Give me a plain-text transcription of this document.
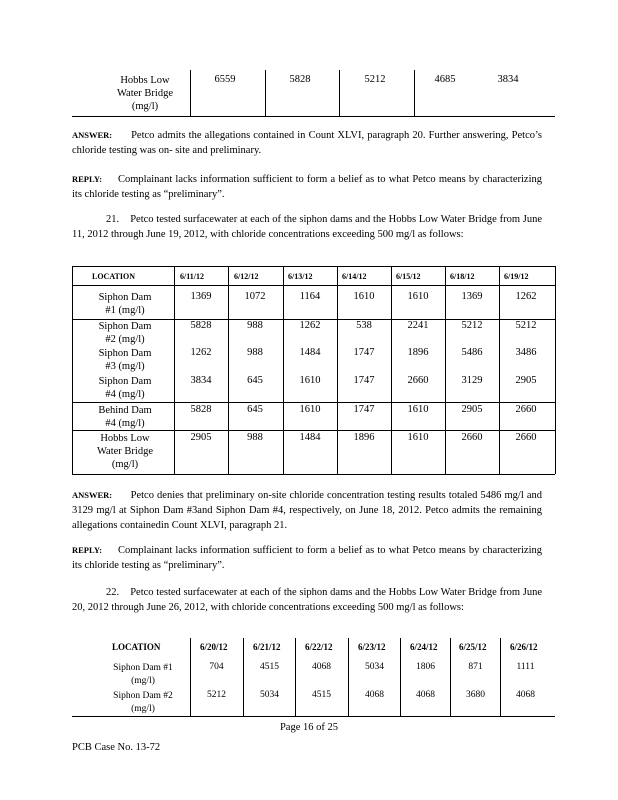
Hobbs Low
Water Bridge
(mg/l)
6559	5828	5212	4685	3834
ANSWER: Petco admits the allegations contained in Count XLVI, paragraph 20. Further answering, Petco’s chloride testing was on- site and preliminary.
REPLY: Complainant lacks information sufficient to form a belief as to what Petco means by characterizing its chloride testing as “preliminary”.
21. Petco tested surfacewater at each of the siphon dams and the Hobbs Low Water Bridge from June 11, 2012 through June 19, 2012, with chloride concentrations exceeding 500 mg/l as follows:
LOCATION	6/11/12	6/12/12	6/13/12	6/14/12	6/15/12	6/18/12	6/19/12
Siphon Dam
#1 (mg/l)
1369	1072	1164	1610	1610	1369	1262
Siphon Dam
#2 (mg/l)
5828	988	1262	538	2241	5212	5212
Siphon Dam
#3 (mg/l)
1262	988	1484	1747	1896	5486	3486
Siphon Dam
#4 (mg/l)
3834	645	1610	1747	2660	3129	2905
Behind Dam
#4 (mg/l)
5828	645	1610	1747	1610	2905	2660
Hobbs Low
Water Bridge
(mg/l)
2905	988	1484	1896	1610	2660	2660
ANSWER: Petco denies that preliminary on-site chloride concentration testing results totaled 5486 mg/l and 3129 mg/l at Siphon Dam #3and Siphon Dam #4, respectively, on June 18, 2012. Petco admits the remaining allegations containedin Count XLVI, paragraph 21.
REPLY: Complainant lacks information sufficient to form a belief as to what Petco means by characterizing its chloride testing as “preliminary”.
22. Petco tested surfacewater at each of the siphon dams and the Hobbs Low Water Bridge from June 20, 2012 through June 26, 2012, with chloride concentrations exceeding 500 mg/l as follows:
LOCATION	6/20/12	6/21/12	6/22/12	6/23/12	6/24/12 6/25/12	6/26/12
Siphon Dam #1
(mg/l)
704	4515	4068	5034	1806	871	1111
Siphon Dam #2
(mg/l)
5212	5034	4515	4068	4068	3680	4068
Page 16 of 25
PCB Case No. 13-72
